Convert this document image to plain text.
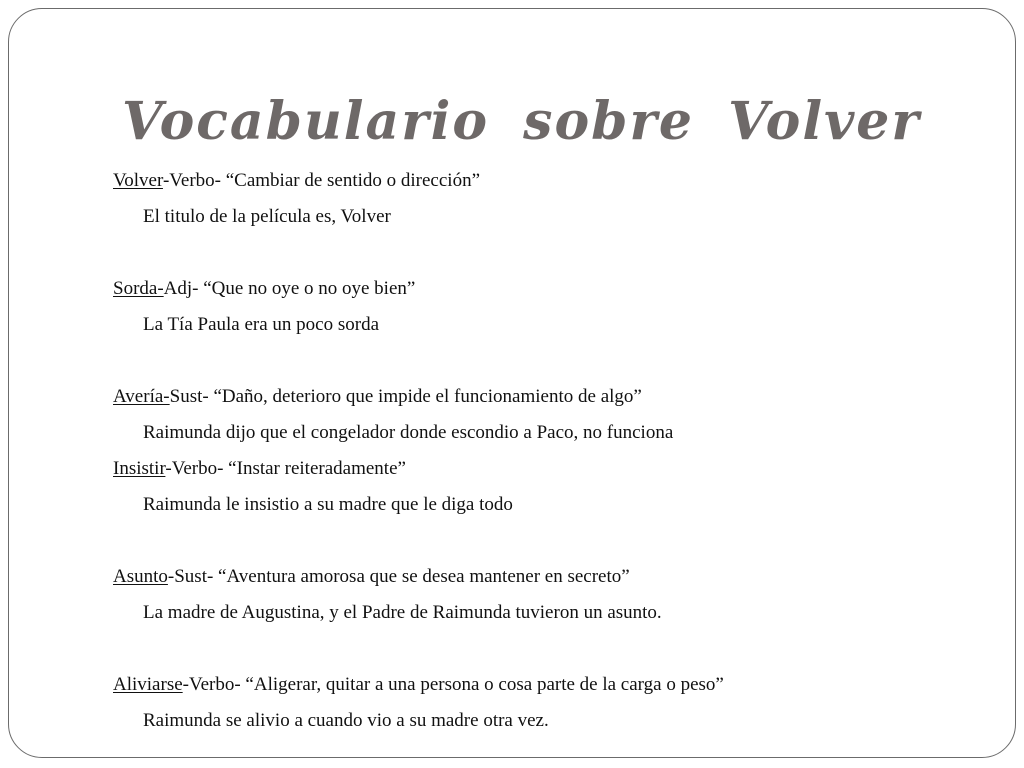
Vocabulario sobre Volver
Volver-Verbo- “Cambiar de sentido o dirección”
El titulo de la película es, Volver
Sorda-Adj- “Que no oye o no oye bien”
La Tía Paula era un poco sorda
Avería-Sust- “Daño, deterioro que impide el funcionamiento de algo”
Raimunda dijo que el congelador donde escondio a Paco, no funciona
Insistir-Verbo- “Instar reiteradamente”
Raimunda le insistio a su madre que le diga todo
Asunto-Sust- “Aventura amorosa que se desea mantener en secreto”
La madre de Augustina, y el Padre de Raimunda tuvieron un asunto.
Aliviarse-Verbo- “Aligerar, quitar a una persona o cosa parte de la carga o peso”
Raimunda se alivio a cuando vio a su madre otra vez.
